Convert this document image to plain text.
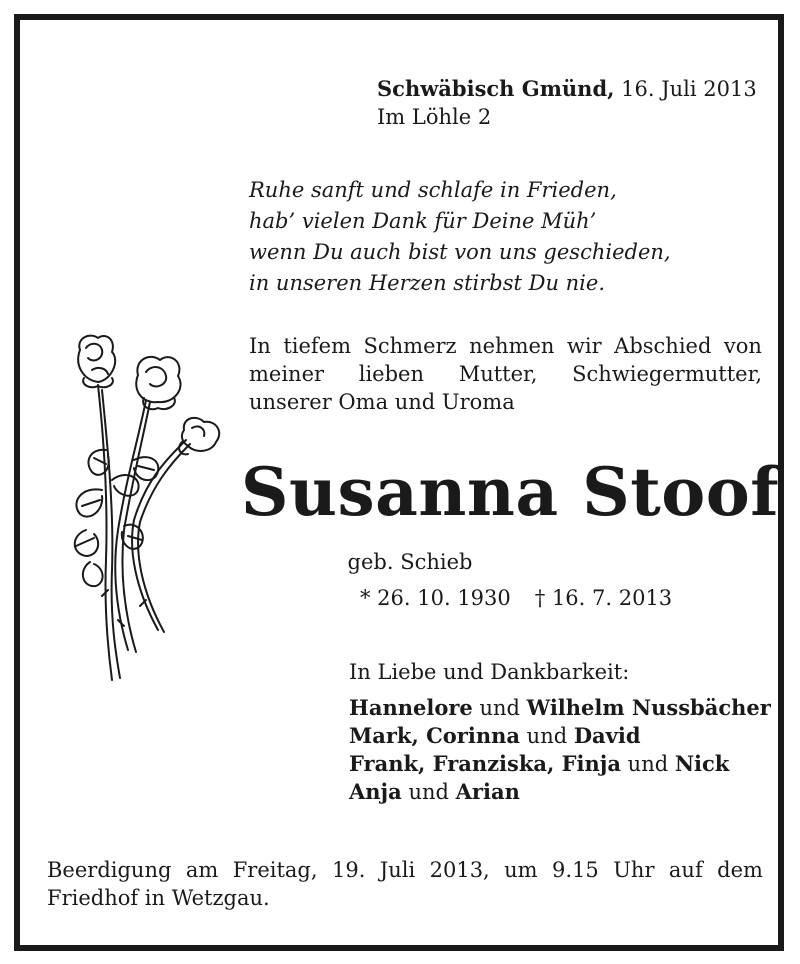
Schwäbisch Gmünd, 16. Juli 2013
Im Löhle 2
Ruhe sanft und schlafe in Frieden,
hab’ vielen Dank für Deine Müh’
wenn Du auch bist von uns geschieden,
in unseren Herzen stirbst Du nie.
In tiefem Schmerz nehmen wir Abschied von
meiner lieben Mutter, Schwiegermutter,
unserer Oma und Uroma
Susanna Stoof
geb. Schieb
* 26. 10. 1930 † 16. 7. 2013
In Liebe und Dankbarkeit:
Hannelore und Wilhelm Nussbächer
Mark, Corinna und David
Frank, Franziska, Finja und Nick
Anja und Arian
Beerdigung am Freitag, 19. Juli 2013, um 9.15 Uhr auf dem
Friedhof in Wetzgau.
